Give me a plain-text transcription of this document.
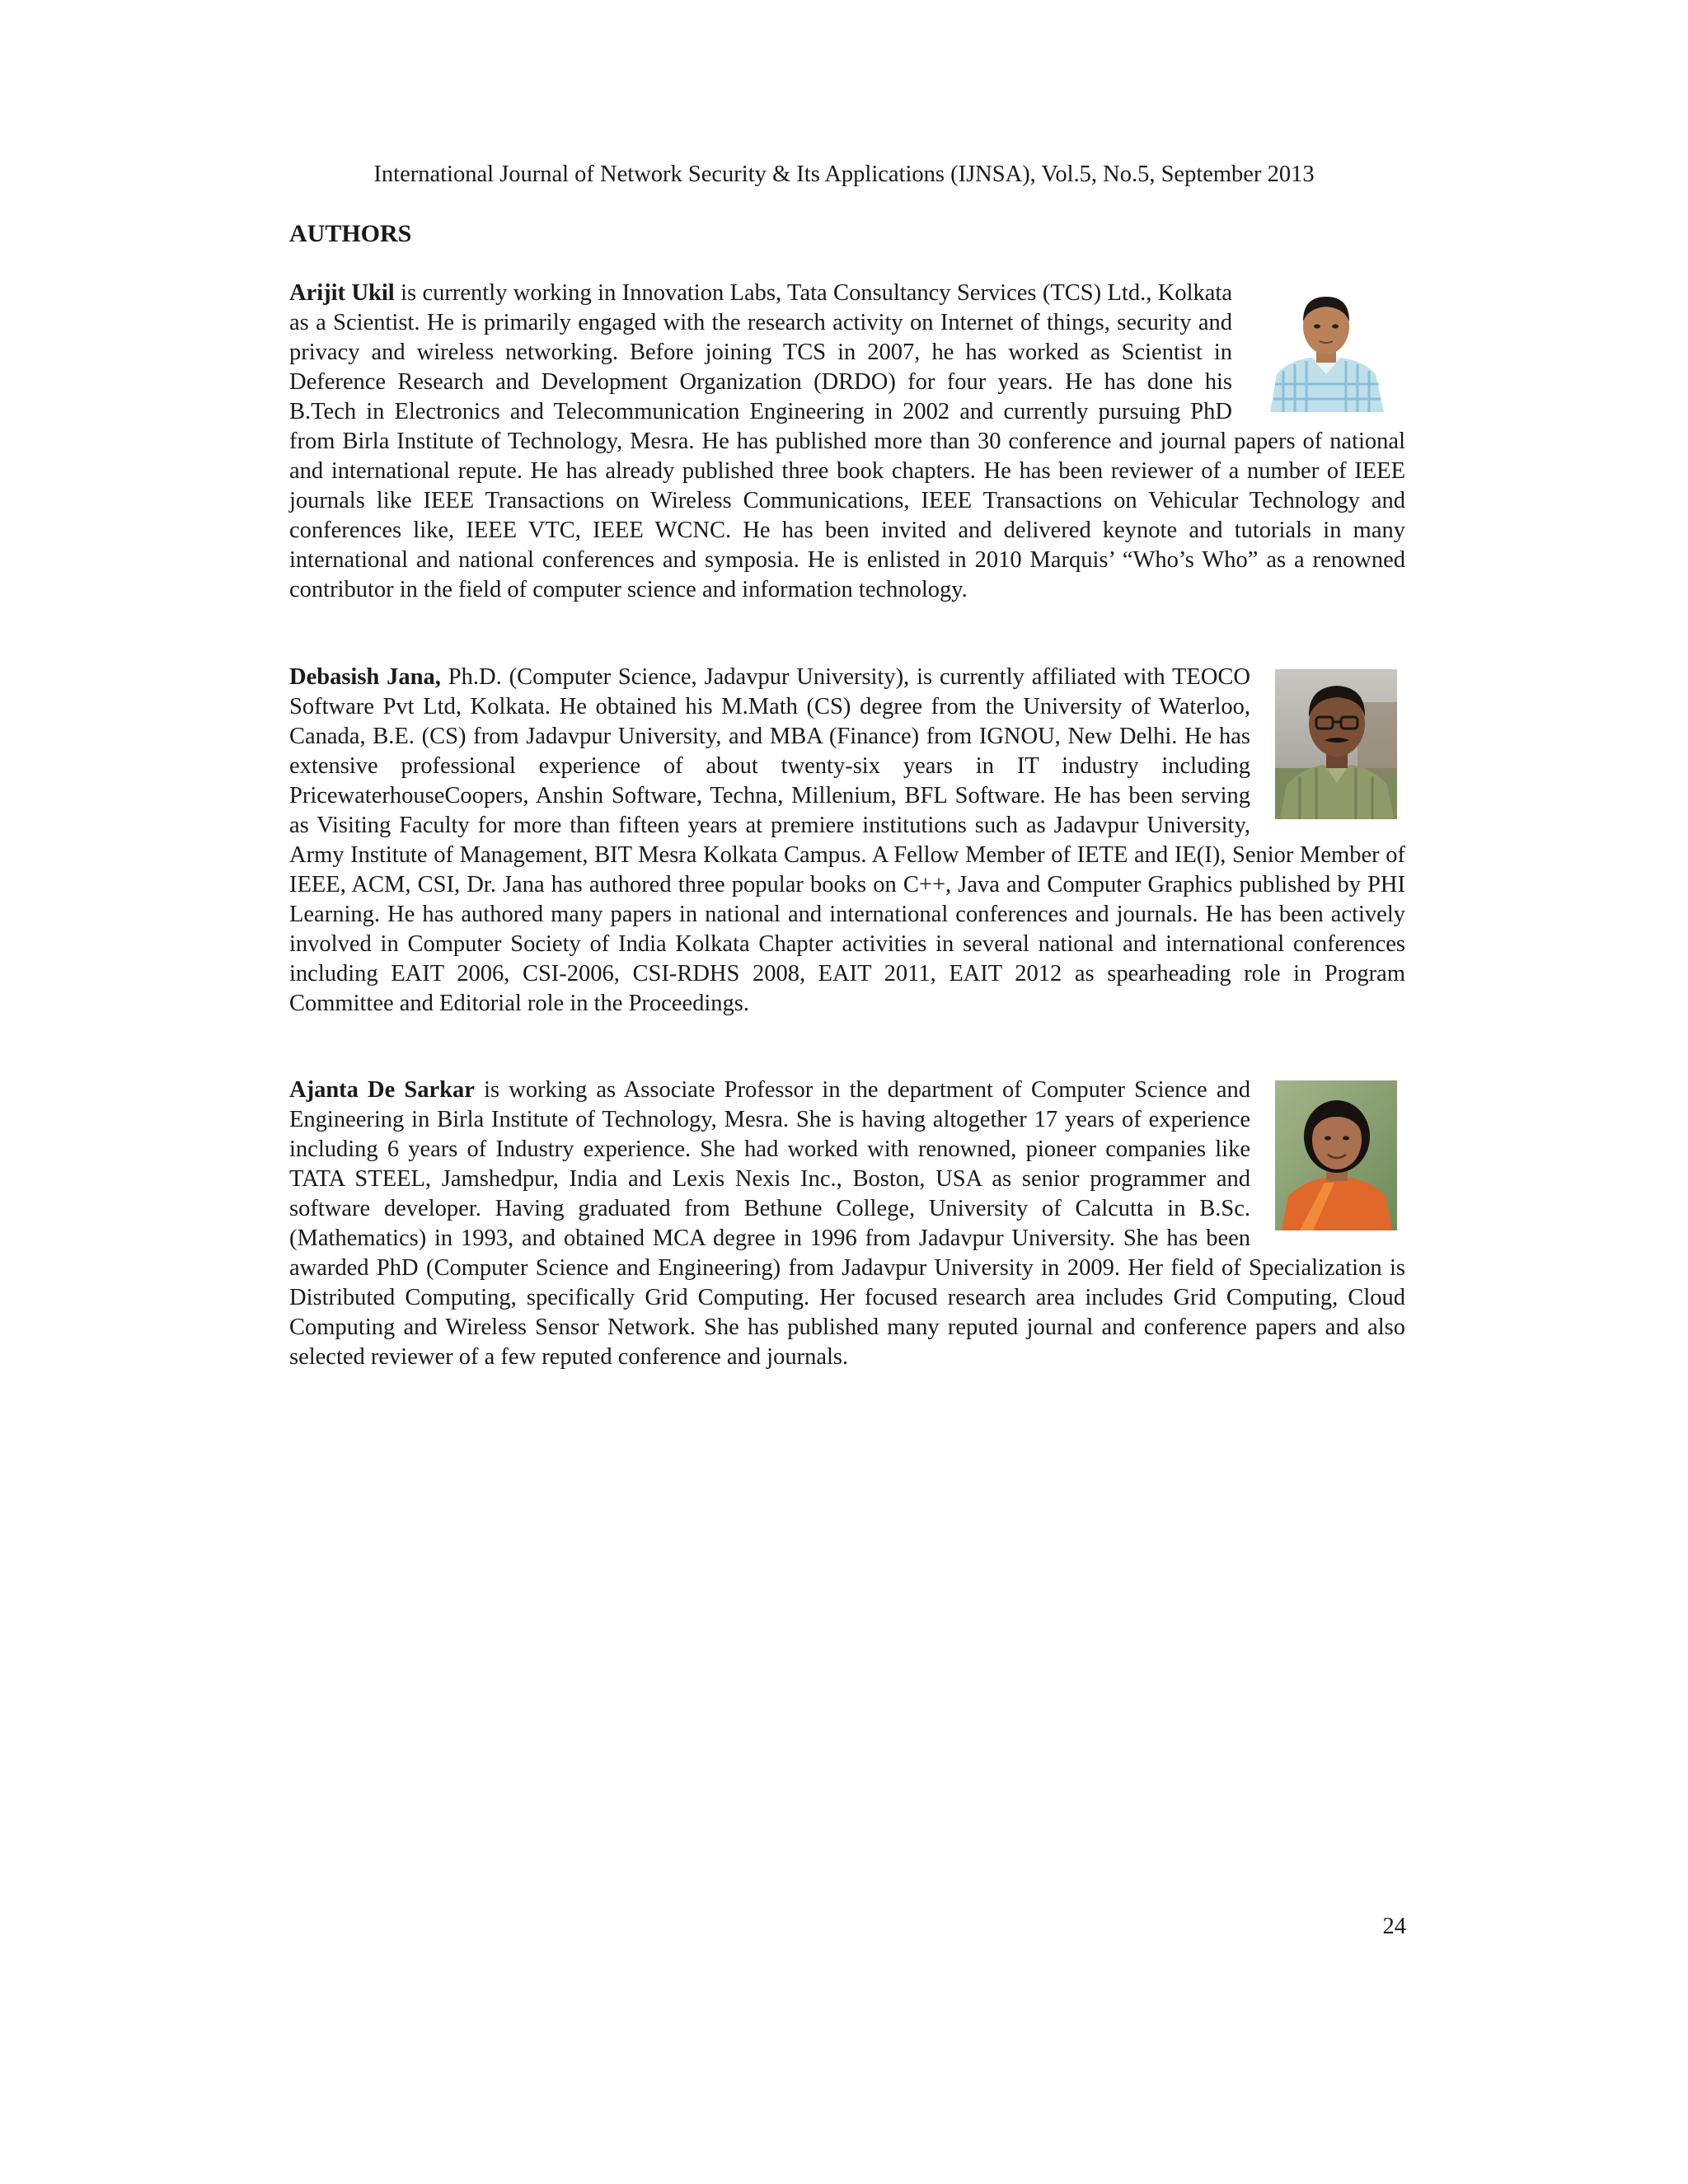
International Journal of Network Security & Its Applications (IJNSA), Vol.5, No.5, September 2013
AUTHORS
Arijit Ukil is currently working in Innovation Labs, Tata Consultancy Services (TCS) Ltd., Kolkata as a Scientist. He is primarily engaged with the research activity on Internet of things, security and privacy and wireless networking. Before joining TCS in 2007, he has worked as Scientist in Deference Research and Development Organization (DRDO) for four years. He has done his B.Tech in Electronics and Telecommunication Engineering in 2002 and currently pursuing PhD from Birla Institute of Technology, Mesra. He has published more than 30 conference and journal papers of national and international repute. He has already published three book chapters. He has been reviewer of a number of IEEE journals like IEEE Transactions on Wireless Communications, IEEE Transactions on Vehicular Technology and conferences like, IEEE VTC, IEEE WCNC. He has been invited and delivered keynote and tutorials in many international and national conferences and symposia. He is enlisted in 2010 Marquis’ “Who’s Who” as a renowned contributor in the field of computer science and information technology.
Debasish Jana, Ph.D. (Computer Science, Jadavpur University), is currently affiliated with TEOCO Software Pvt Ltd, Kolkata. He obtained his M.Math (CS) degree from the University of Waterloo, Canada, B.E. (CS) from Jadavpur University, and MBA (Finance) from IGNOU, New Delhi. He has extensive professional experience of about twenty-six years in IT industry including PricewaterhouseCoopers, Anshin Software, Techna, Millenium, BFL Software. He has been serving as Visiting Faculty for more than fifteen years at premiere institutions such as Jadavpur University, Army Institute of Management, BIT Mesra Kolkata Campus. A Fellow Member of IETE and IE(I), Senior Member of IEEE, ACM, CSI, Dr. Jana has authored three popular books on C++, Java and Computer Graphics published by PHI Learning. He has authored many papers in national and international conferences and journals. He has been actively involved in Computer Society of India Kolkata Chapter activities in several national and international conferences including EAIT 2006, CSI-2006, CSI-RDHS 2008, EAIT 2011, EAIT 2012 as spearheading role in Program Committee and Editorial role in the Proceedings.
Ajanta De Sarkar is working as Associate Professor in the department of Computer Science and Engineering in Birla Institute of Technology, Mesra. She is having altogether 17 years of experience including 6 years of Industry experience. She had worked with renowned, pioneer companies like TATA STEEL, Jamshedpur, India and Lexis Nexis Inc., Boston, USA as senior programmer and software developer. Having graduated from Bethune College, University of Calcutta in B.Sc. (Mathematics) in 1993, and obtained MCA degree in 1996 from Jadavpur University. She has been awarded PhD (Computer Science and Engineering) from Jadavpur University in 2009. Her field of Specialization is Distributed Computing, specifically Grid Computing. Her focused research area includes Grid Computing, Cloud Computing and Wireless Sensor Network. She has published many reputed journal and conference papers and also selected reviewer of a few reputed conference and journals.
24
